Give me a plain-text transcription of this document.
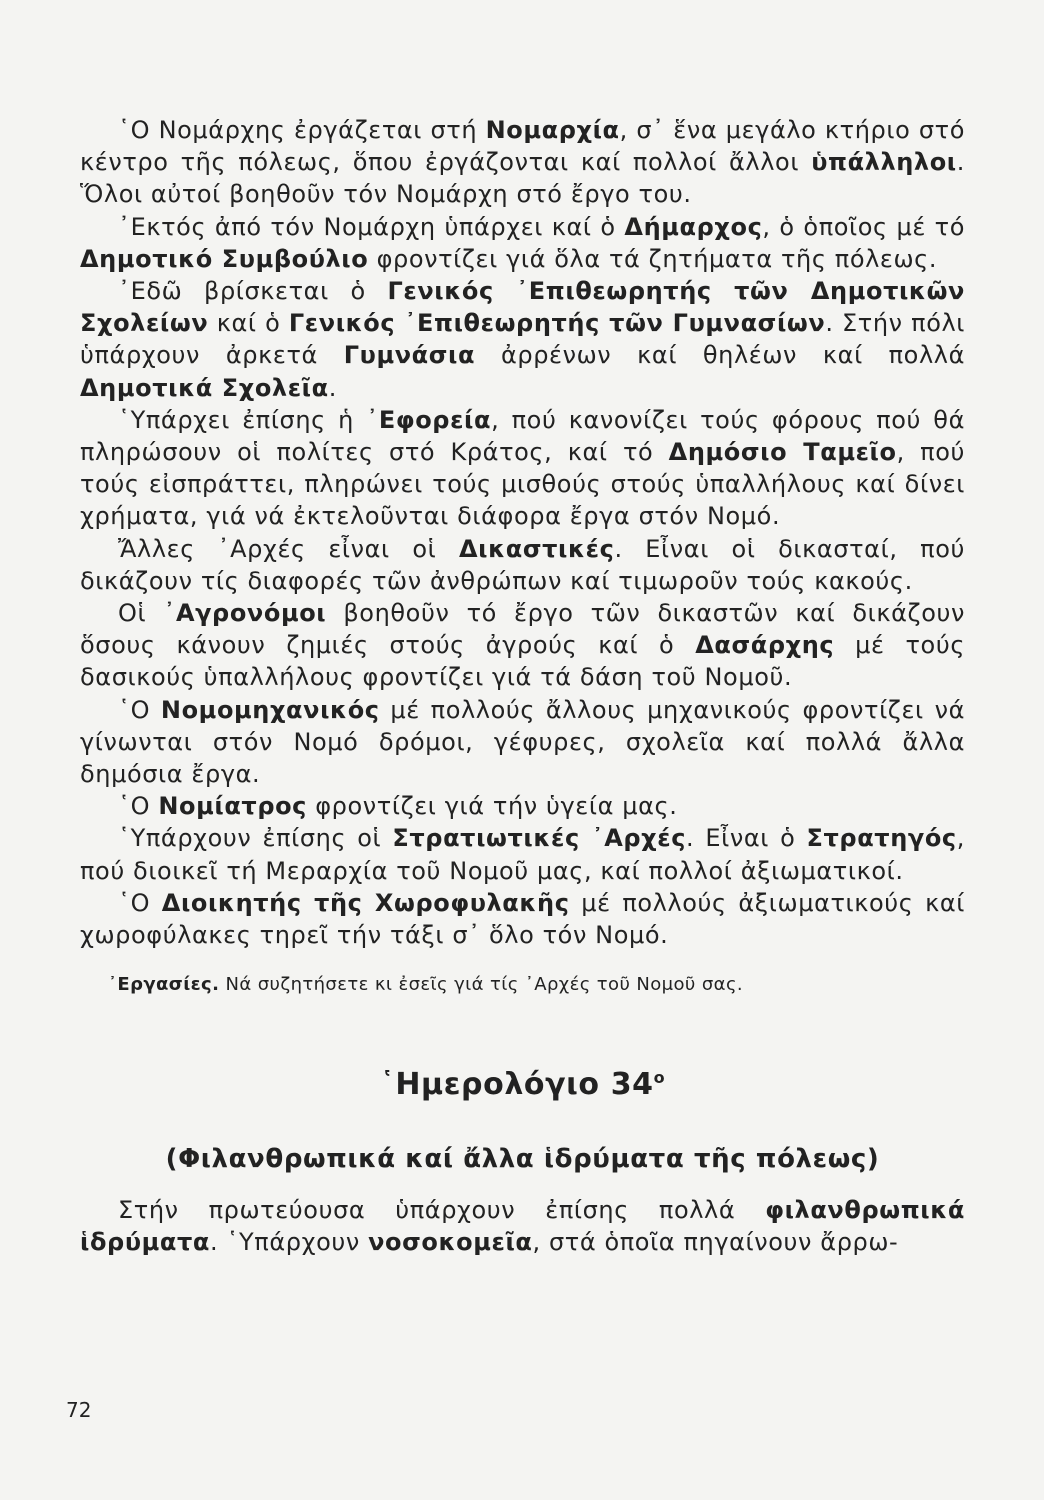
῾Ο Νομάρχης ἐργάζεται στή Νομαρχία, σ᾽ ἕνα μεγάλο κτήριο στό κέντρο τῆς πόλεως, ὅπου ἐργάζονται καί πολλοί ἄλλοι ὑπάλληλοι. Ὅλοι αὐτοί βοηθοῦν τόν Νομάρχη στό ἔργο του.

᾽Εκτός ἀπό τόν Νομάρχη ὑπάρχει καί ὁ Δήμαρχος, ὁ ὁποῖος μέ τό Δημοτικό Συμβούλιο φροντίζει γιά ὅλα τά ζητήματα τῆς πόλεως.

᾽Εδῶ βρίσκεται ὁ Γενικός ᾽Επιθεωρητής τῶν Δημοτικῶν Σχολείων καί ὁ Γενικός ᾽Επιθεωρητής τῶν Γυμνασίων. Στήν πόλι ὑπάρχουν ἀρκετά Γυμνάσια ἀρρένων καί θηλέων καί πολλά Δημοτικά Σχολεῖα.

῾Υπάρχει ἐπίσης ἡ ᾽Εφορεία, πού κανονίζει τούς φόρους πού θά πληρώσουν οἱ πολίτες στό Κράτος, καί τό Δημόσιο Ταμεῖο, πού τούς εἰσπράττει, πληρώνει τούς μισθούς στούς ὑπαλλήλους καί δίνει χρήματα, γιά νά ἐκτελοῦνται διάφορα ἔργα στόν Νομό.

Ἄλλες ᾽Αρχές εἶναι οἱ Δικαστικές. Εἶναι οἱ δικασταί, πού δικάζουν τίς διαφορές τῶν ἀνθρώπων καί τιμωροῦν τούς κακούς.

Οἱ ᾽Αγρονόμοι βοηθοῦν τό ἔργο τῶν δικαστῶν καί δικάζουν ὅσους κάνουν ζημιές στούς ἀγρούς καί ὁ Δασάρχης μέ τούς δασικούς ὑπαλλήλους φροντίζει γιά τά δάση τοῦ Νομοῦ.

῾Ο Νομομηχανικός μέ πολλούς ἄλλους μηχανικούς φροντίζει νά γίνωνται στόν Νομό δρόμοι, γέφυρες, σχολεῖα καί πολλά ἄλλα δημόσια ἔργα.

῾Ο Νομίατρος φροντίζει γιά τήν ὑγεία μας.

῾Υπάρχουν ἐπίσης οἱ Στρατιωτικές ᾽Αρχές. Εἶναι ὁ Στρατηγός, πού διοικεῖ τή Μεραρχία τοῦ Νομοῦ μας, καί πολλοί ἀξιωματικοί.

῾Ο Διοικητής τῆς Χωροφυλακῆς μέ πολλούς ἀξιωματικούς καί χωροφύλακες τηρεῖ τήν τάξι σ᾽ ὅλο τόν Νομό.

᾽Εργασίες. Νά συζητήσετε κι ἐσεῖς γιά τίς ᾽Αρχές τοῦ Νομοῦ σας.

῾Ημερολόγιο $34^o$
(Φιλανθρωπικά καί ἄλλα ἱδρύματα τῆς πόλεως)

Στήν πρωτεύουσα ὑπάρχουν ἐπίσης πολλά φιλανθρωπικά ἱδρύματα. ῾Υπάρχουν νοσοκομεῖα, στά ὁποῖα πηγαίνουν ἄρρω-

72
